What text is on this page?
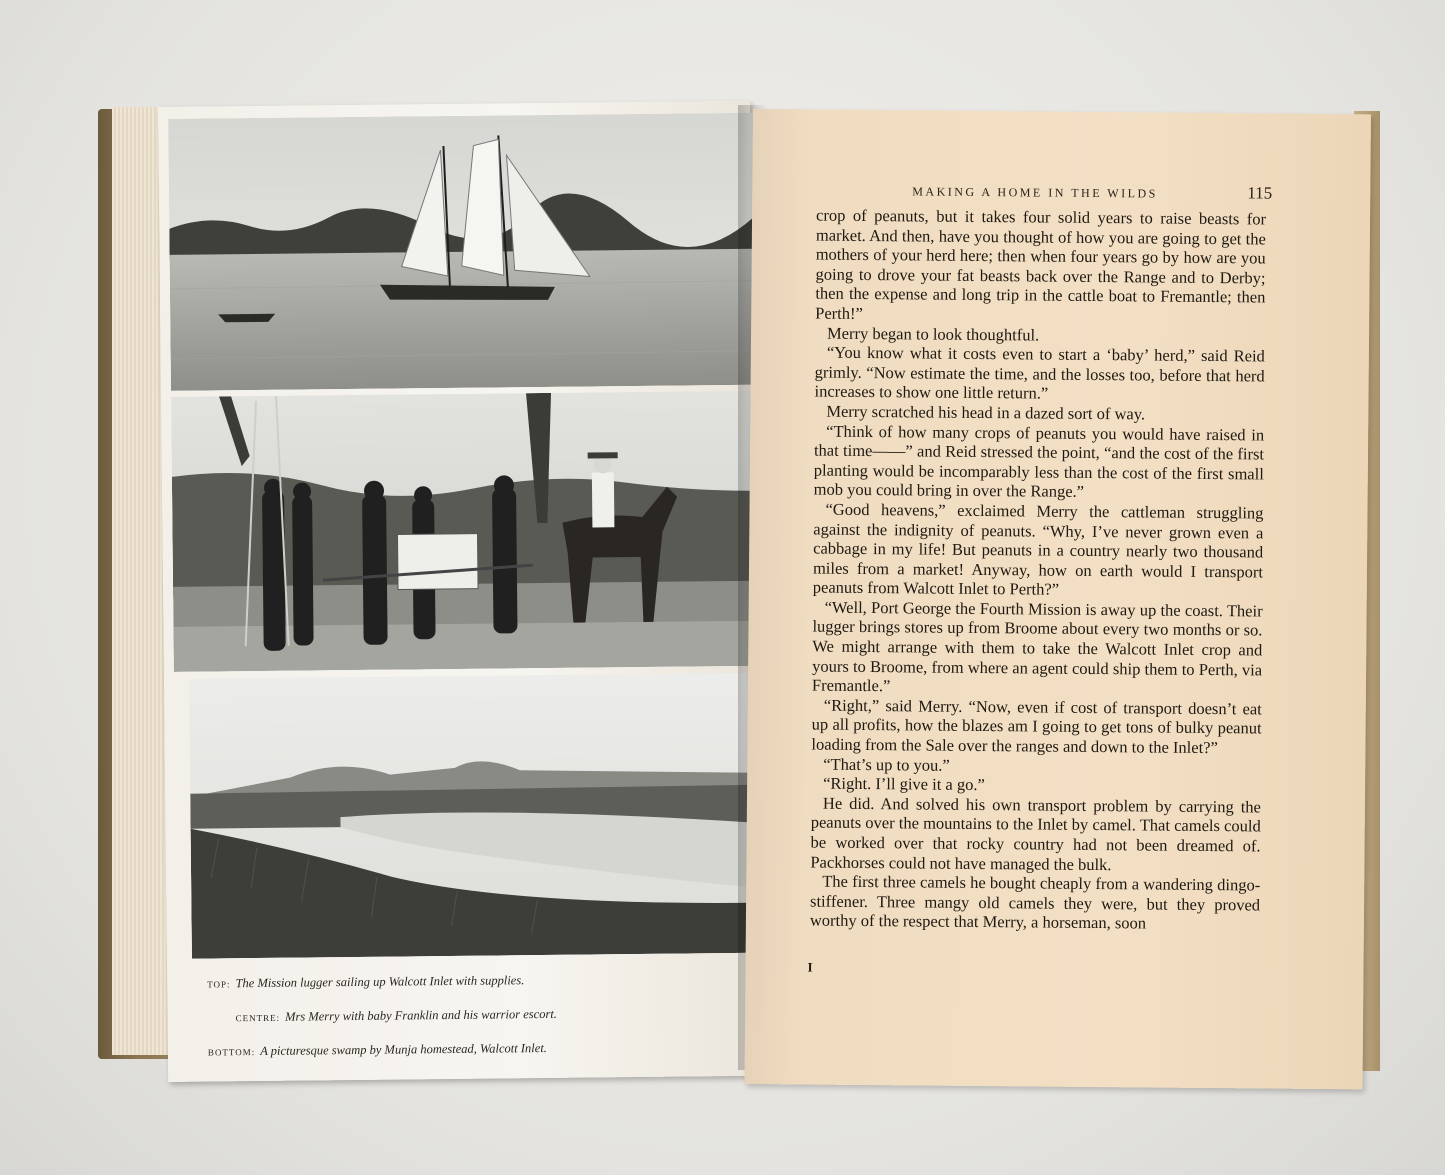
TOP: The Mission lugger sailing up Walcott Inlet with supplies.

CENTRE: Mrs Merry with baby Franklin and his warrior escort.

BOTTOM: A picturesque swamp by Munja homestead, Walcott Inlet.

MAKING A HOME IN THE WILDS	115

crop of peanuts, but it takes four solid years to raise beasts for market. And then, have you thought of how you are going to get the mothers of your herd here; then when four years go by how are you going to drove your fat beasts back over the Range and to Derby; then the expense and long trip in the cattle boat to Fremantle; then Perth!”

Merry began to look thoughtful.

“You know what it costs even to start a ‘baby’ herd,” said Reid grimly. “Now estimate the time, and the losses too, before that herd increases to show one little return.”

Merry scratched his head in a dazed sort of way.

“Think of how many crops of peanuts you would have raised in that time——” and Reid stressed the point, “and the cost of the first planting would be incomparably less than the cost of the first small mob you could bring in over the Range.”

“Good heavens,” exclaimed Merry the cattleman struggling against the indignity of peanuts. “Why, I’ve never grown even a cabbage in my life! But peanuts in a country nearly two thousand miles from a market! Anyway, how on earth would I transport peanuts from Walcott Inlet to Perth?”

“Well, Port George the Fourth Mission is away up the coast. Their lugger brings stores up from Broome about every two months or so. We might arrange with them to take the Walcott Inlet crop and yours to Broome, from where an agent could ship them to Perth, via Fremantle.”

“Right,” said Merry. “Now, even if cost of transport doesn’t eat up all profits, how the blazes am I going to get tons of bulky peanut loading from the Sale over the ranges and down to the Inlet?”

“That’s up to you.”

“Right. I’ll give it a go.”

He did. And solved his own transport problem by carrying the peanuts over the mountains to the Inlet by camel. That camels could be worked over that rocky country had not been dreamed of. Packhorses could not have managed the bulk.

The first three camels he bought cheaply from a wandering dingo-stiffener. Three mangy old camels they were, but they proved worthy of the respect that Merry, a horseman, soon

I
